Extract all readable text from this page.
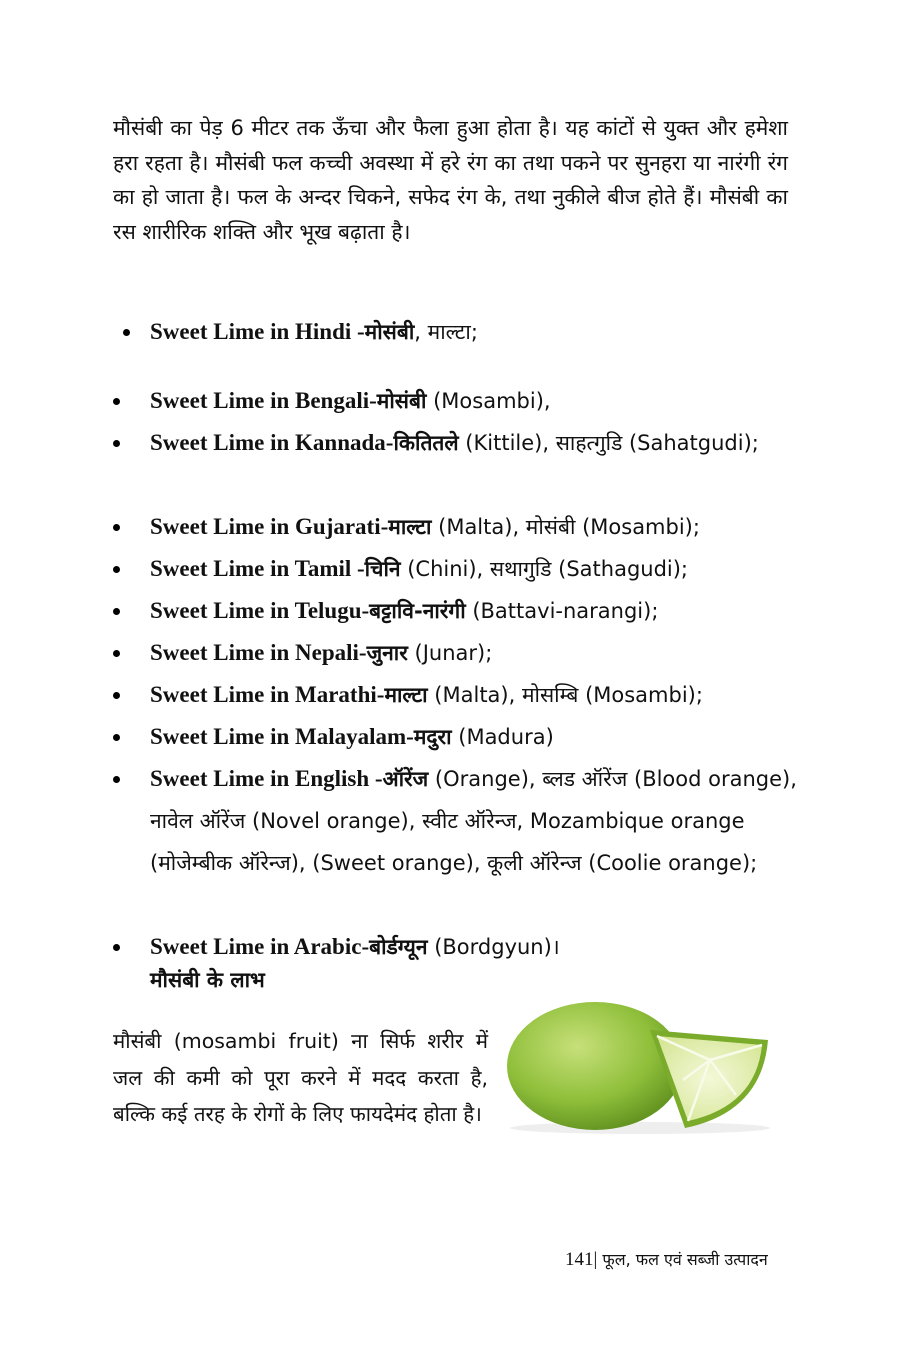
मौसंबी का पेड़ 6 मीटर तक ऊँचा और फैला हुआ होता है। यह कांटों से युक्त और हमेशा हरा रहता है। मौसंबी फल कच्ची अवस्था में हरे रंग का तथा पकने पर सुनहरा या नारंगी रंग का हो जाता है। फल के अन्दर चिकने, सफेद रंग के, तथा नुकीले बीज होते हैं। मौसंबी का रस शारीरिक शक्ति और भूख बढ़ाता है।

Sweet Lime in Hindi -मोसंबी, माल्टा;
Sweet Lime in Bengali-मोसंबी (Mosambi),
Sweet Lime in Kannada-कितितले (Kittile), साहत्गुडि (Sahatgudi);
Sweet Lime in Gujarati-माल्टा (Malta), मोसंबी (Mosambi);
Sweet Lime in Tamil -चिनि (Chini), सथागुडि (Sathagudi);
Sweet Lime in Telugu-बट्टावि-नारंगी (Battavi-narangi);
Sweet Lime in Nepali-जुनार (Junar);
Sweet Lime in Marathi-माल्टा (Malta), मोसम्बि (Mosambi);
Sweet Lime in Malayalam-मदुरा (Madura)
Sweet Lime in English -ऑरेंज (Orange), ब्लड ऑरेंज (Blood orange), नावेल ऑरेंज (Novel orange), स्वीट ऑरेन्ज, Mozambique orange (मोजेम्बीक ऑरेन्ज), (Sweet orange), कूली ऑरेन्ज (Coolie orange);
Sweet Lime in Arabic-बोर्डग्यून (Bordgyun)।

मौसंबी के लाभ

मौसंबी (mosambi fruit) ना सिर्फ शरीर में जल की कमी को पूरा करने में मदद करता है, बल्कि कई तरह के रोगों के लिए फायदेमंद होता है।

141| फूल, फल एवं सब्जी उत्पादन
